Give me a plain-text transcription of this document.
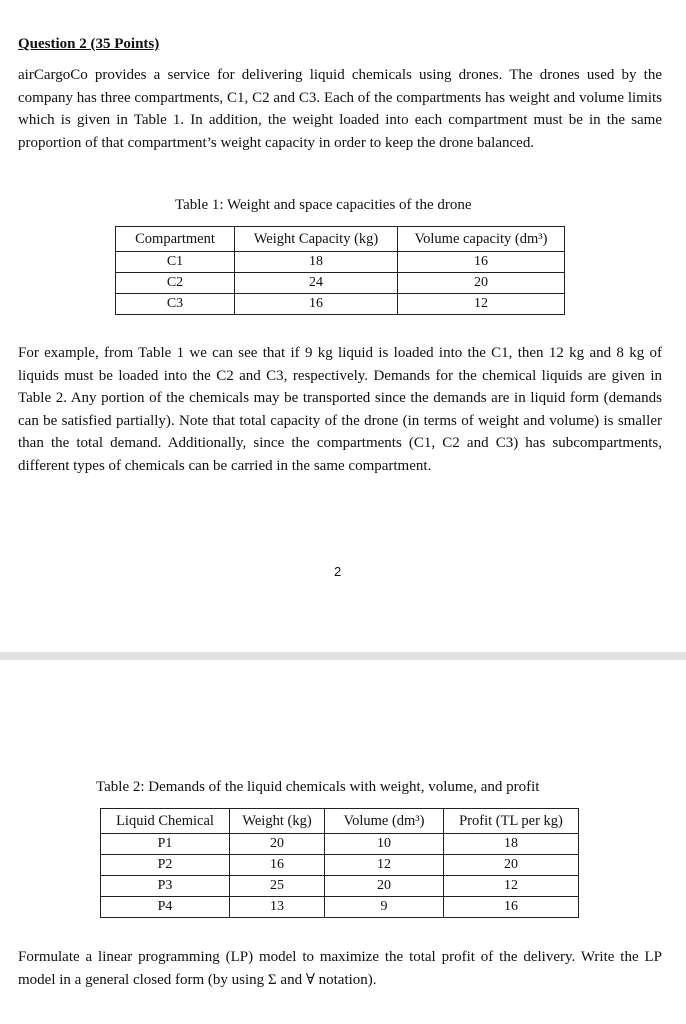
Question 2 (35 Points)

airCargoCo provides a service for delivering liquid chemicals using drones. The drones used by the company has three compartments, C1, C2 and C3. Each of the compartments has weight and volume limits which is given in Table 1. In addition, the weight loaded into each compartment must be in the same proportion of that compartment’s weight capacity in order to keep the drone balanced.

Table 1: Weight and space capacities of the drone

Compartment	Weight Capacity (kg)	Volume capacity (dm³)
C1	18	16
C2	24	20
C3	16	12

For example, from Table 1 we can see that if 9 kg liquid is loaded into the C1, then 12 kg and 8 kg of liquids must be loaded into the C2 and C3, respectively. Demands for the chemical liquids are given in Table 2. Any portion of the chemicals may be transported since the demands are in liquid form (demands can be satisfied partially). Note that total capacity of the drone (in terms of weight and volume) is smaller than the total demand. Additionally, since the compartments (C1, C2 and C3) has subcompartments, different types of chemicals can be carried in the same compartment.

2

Table 2: Demands of the liquid chemicals with weight, volume, and profit

Liquid Chemical	Weight (kg)	Volume (dm³)	Profit (TL per kg)
P1	20	10	18
P2	16	12	20
P3	25	20	12
P4	13	9	16

Formulate a linear programming (LP) model to maximize the total profit of the delivery. Write the LP model in a general closed form (by using Σ and ∀ notation).
